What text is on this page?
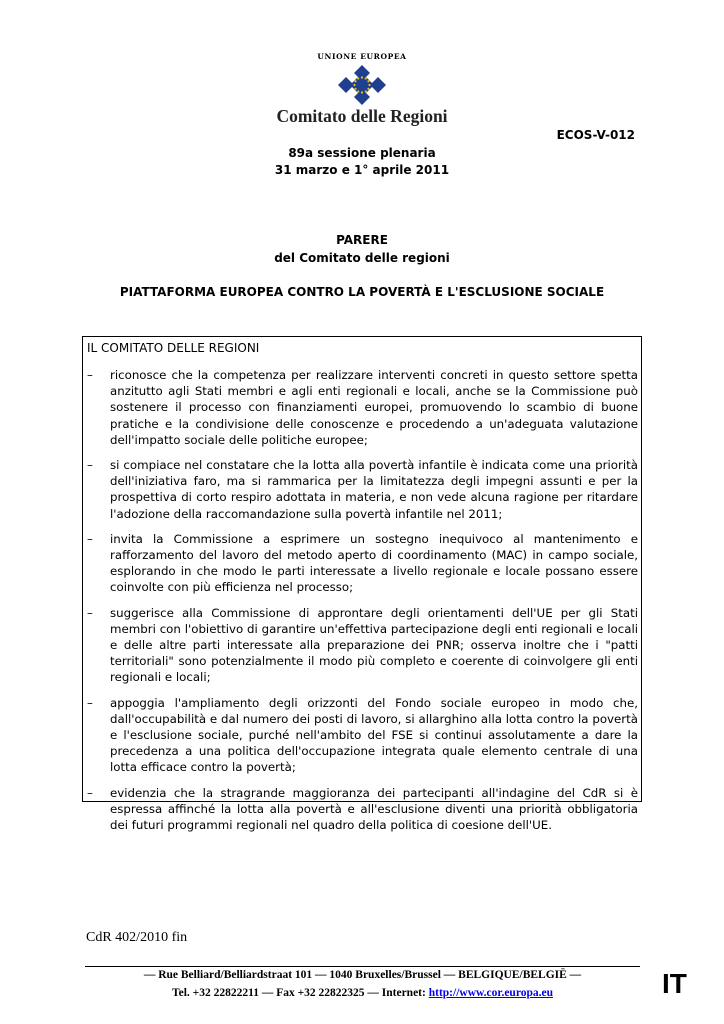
UNIONE EUROPEA
Comitato delle Regioni
ECOS-V-012
89a sessione plenaria
31 marzo e 1° aprile 2011
PARERE
del Comitato delle regioni
PIATTAFORMA EUROPEA CONTRO LA POVERTÀ E L'ESCLUSIONE SOCIALE
IL COMITATO DELLE REGIONI
– riconosce che la competenza per realizzare interventi concreti in questo settore spetta anzitutto agli Stati membri e agli enti regionali e locali, anche se la Commissione può sostenere il processo con finanziamenti europei, promuovendo lo scambio di buone pratiche e la condivisione delle conoscenze e procedendo a un'adeguata valutazione dell'impatto sociale delle politiche europee;
– si compiace nel constatare che la lotta alla povertà infantile è indicata come una priorità dell'iniziativa faro, ma si rammarica per la limitatezza degli impegni assunti e per la prospettiva di corto respiro adottata in materia, e non vede alcuna ragione per ritardare l'adozione della raccomandazione sulla povertà infantile nel 2011;
– invita la Commissione a esprimere un sostegno inequivoco al mantenimento e rafforzamento del lavoro del metodo aperto di coordinamento (MAC) in campo sociale, esplorando in che modo le parti interessate a livello regionale e locale possano essere coinvolte con più efficienza nel processo;
– suggerisce alla Commissione di approntare degli orientamenti dell'UE per gli Stati membri con l'obiettivo di garantire un'effettiva partecipazione degli enti regionali e locali e delle altre parti interessate alla preparazione dei PNR; osserva inoltre che i "patti territoriali" sono potenzialmente il modo più completo e coerente di coinvolgere gli enti regionali e locali;
– appoggia l'ampliamento degli orizzonti del Fondo sociale europeo in modo che, dall'occupabilità e dal numero dei posti di lavoro, si allarghino alla lotta contro la povertà e l'esclusione sociale, purché nell'ambito del FSE si continui assolutamente a dare la precedenza a una politica dell'occupazione integrata quale elemento centrale di una lotta efficace contro la povertà;
– evidenzia che la stragrande maggioranza dei partecipanti all'indagine del CdR si è espressa affinché la lotta alla povertà e all'esclusione diventi una priorità obbligatoria dei futuri programmi regionali nel quadro della politica di coesione dell'UE.
CdR 402/2010 fin
— Rue Belliard/Belliardstraat 101 — 1040 Bruxelles/Brussel — BELGIQUE/BELGIË —
Tel. +32 22822211 — Fax +32 22822325 — Internet: http://www.cor.europa.eu	IT
